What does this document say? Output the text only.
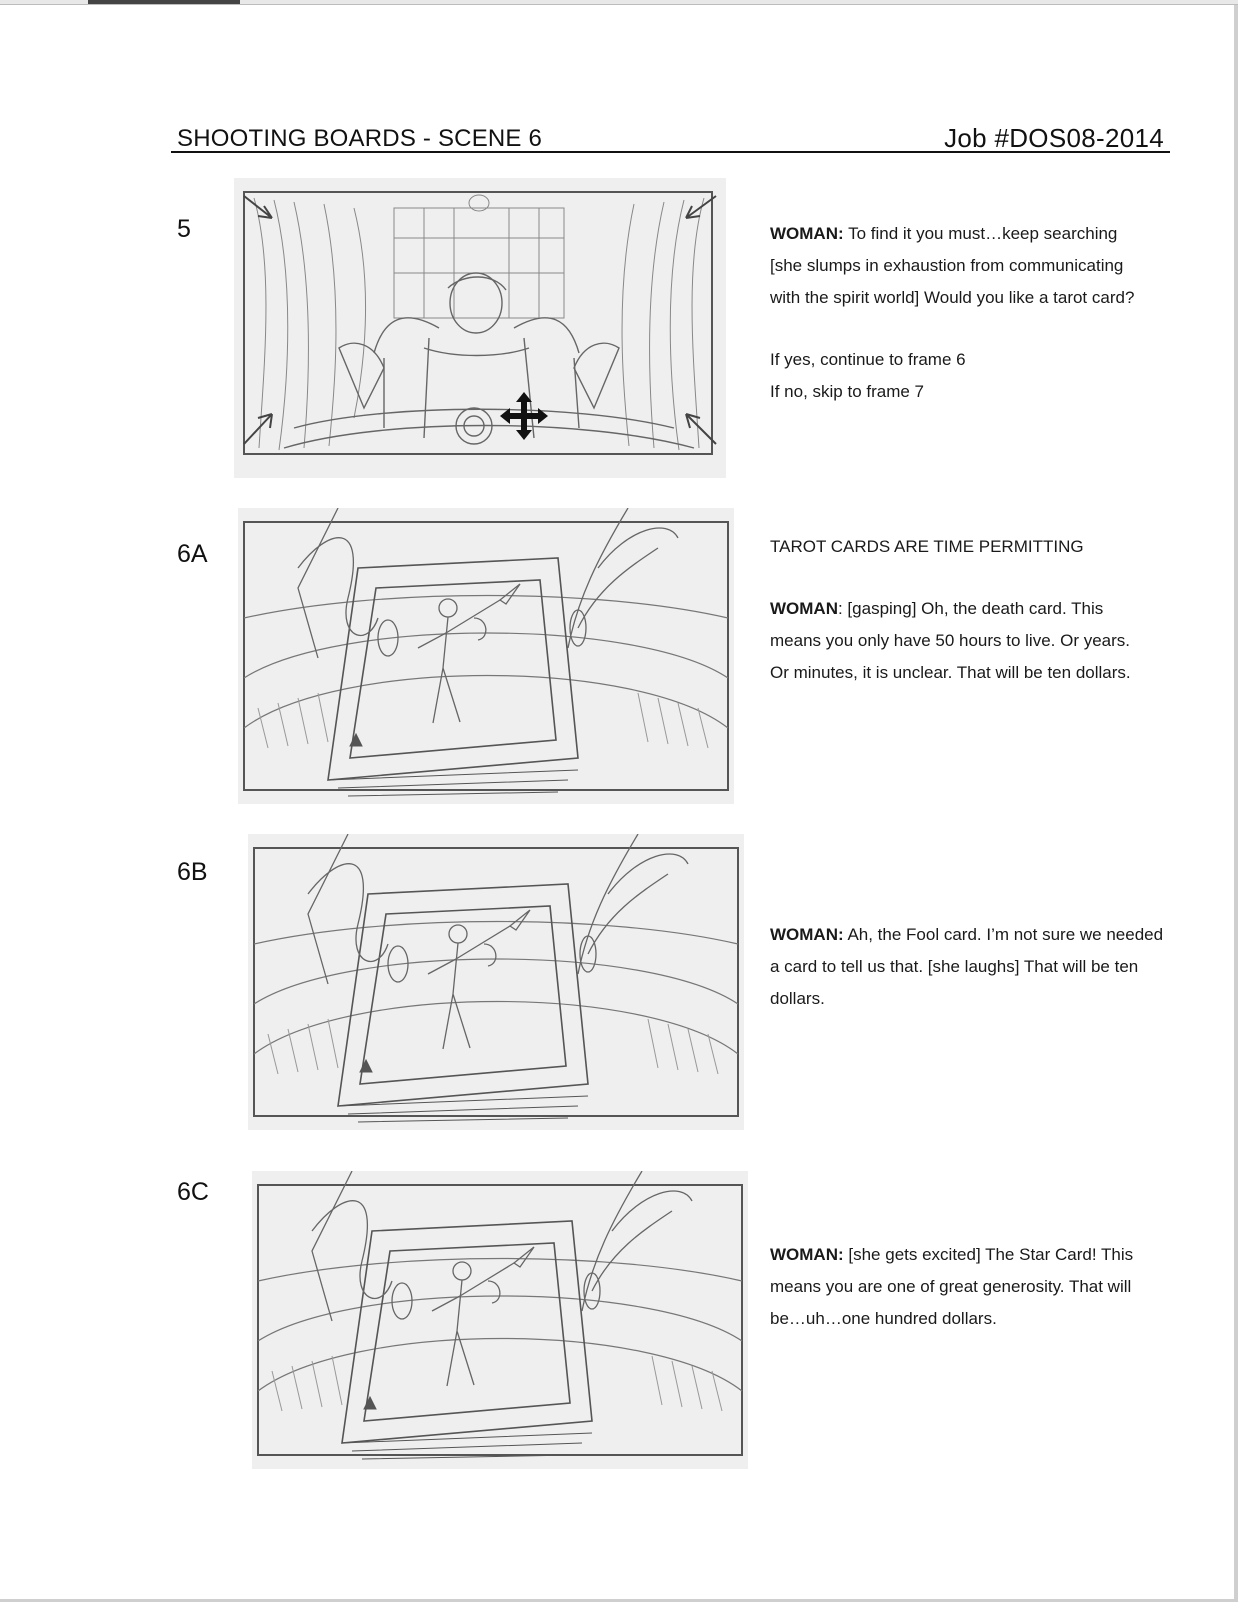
SHOOTING BOARDS - SCENE 6	Job #DOS08-2014
5	WOMAN: To find it you must…keep searching
[she slumps in exhaustion from communicating
with the spirit world] Would you like a tarot card?
If yes, continue to frame 6
If no, skip to frame 7
6A	TAROT CARDS ARE TIME PERMITTING
WOMAN: [gasping] Oh, the death card. This
means you only have 50 hours to live. Or years.
Or minutes, it is unclear. That will be ten dollars.
6B
WOMAN: Ah, the Fool card. I’m not sure we needed
a card to tell us that. [she laughs] That will be ten
dollars.
6C
WOMAN: [she gets excited] The Star Card! This
means you are one of great generosity. That will
be…uh…one hundred dollars.
